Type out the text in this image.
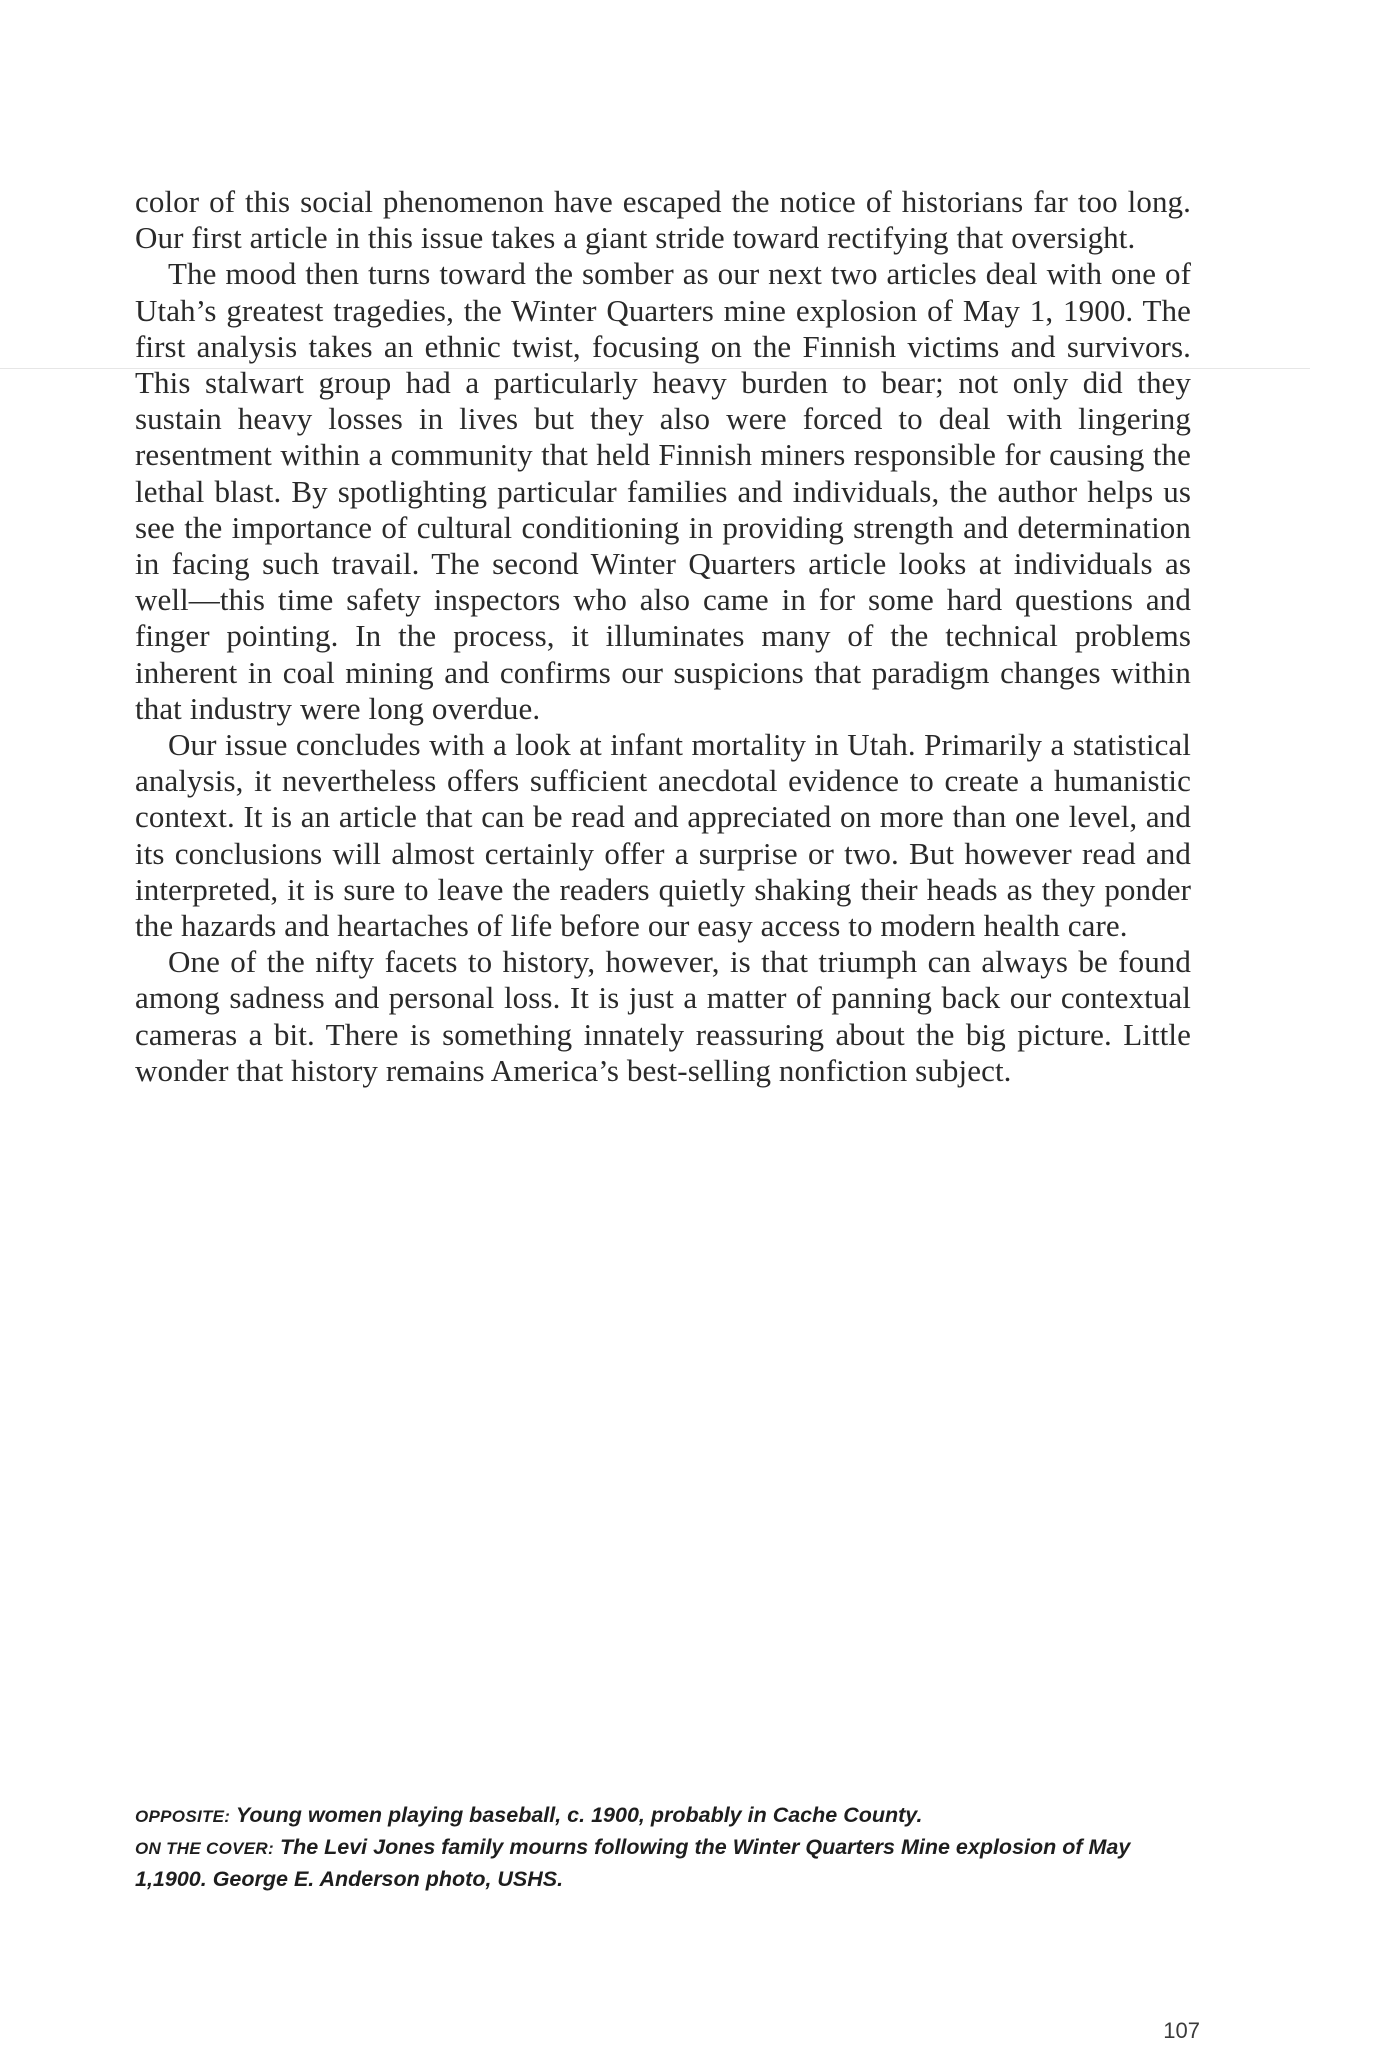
color of this social phenomenon have escaped the notice of historians far too long. Our first article in this issue takes a giant stride toward rectifying that oversight.

The mood then turns toward the somber as our next two articles deal with one of Utah’s greatest tragedies, the Winter Quarters mine explosion of May 1, 1900. The first analysis takes an ethnic twist, focusing on the Finnish victims and survivors. This stalwart group had a particularly heavy burden to bear; not only did they sustain heavy losses in lives but they also were forced to deal with lingering resentment within a community that held Finnish miners responsible for causing the lethal blast. By spotlighting particular families and individuals, the author helps us see the importance of cultural conditioning in providing strength and determination in facing such travail. The second Winter Quarters article looks at individuals as well—this time safety inspectors who also came in for some hard questions and finger pointing. In the process, it illuminates many of the technical problems inherent in coal mining and confirms our suspicions that paradigm changes within that industry were long overdue.

Our issue concludes with a look at infant mortality in Utah. Primarily a statistical analysis, it nevertheless offers sufficient anecdotal evidence to create a humanistic context. It is an article that can be read and appreciated on more than one level, and its conclusions will almost certainly offer a surprise or two. But however read and interpreted, it is sure to leave the readers quietly shaking their heads as they ponder the hazards and heartaches of life before our easy access to modern health care.

One of the nifty facets to history, however, is that triumph can always be found among sadness and personal loss. It is just a matter of panning back our contextual cameras a bit. There is something innately reassuring about the big picture. Little wonder that history remains America’s best-selling nonfiction subject.

OPPOSITE: Young women playing baseball, c. 1900, probably in Cache County.

ON THE COVER: The Levi Jones family mourns following the Winter Quarters Mine explosion of May 1,1900. George E. Anderson photo, USHS.

107
